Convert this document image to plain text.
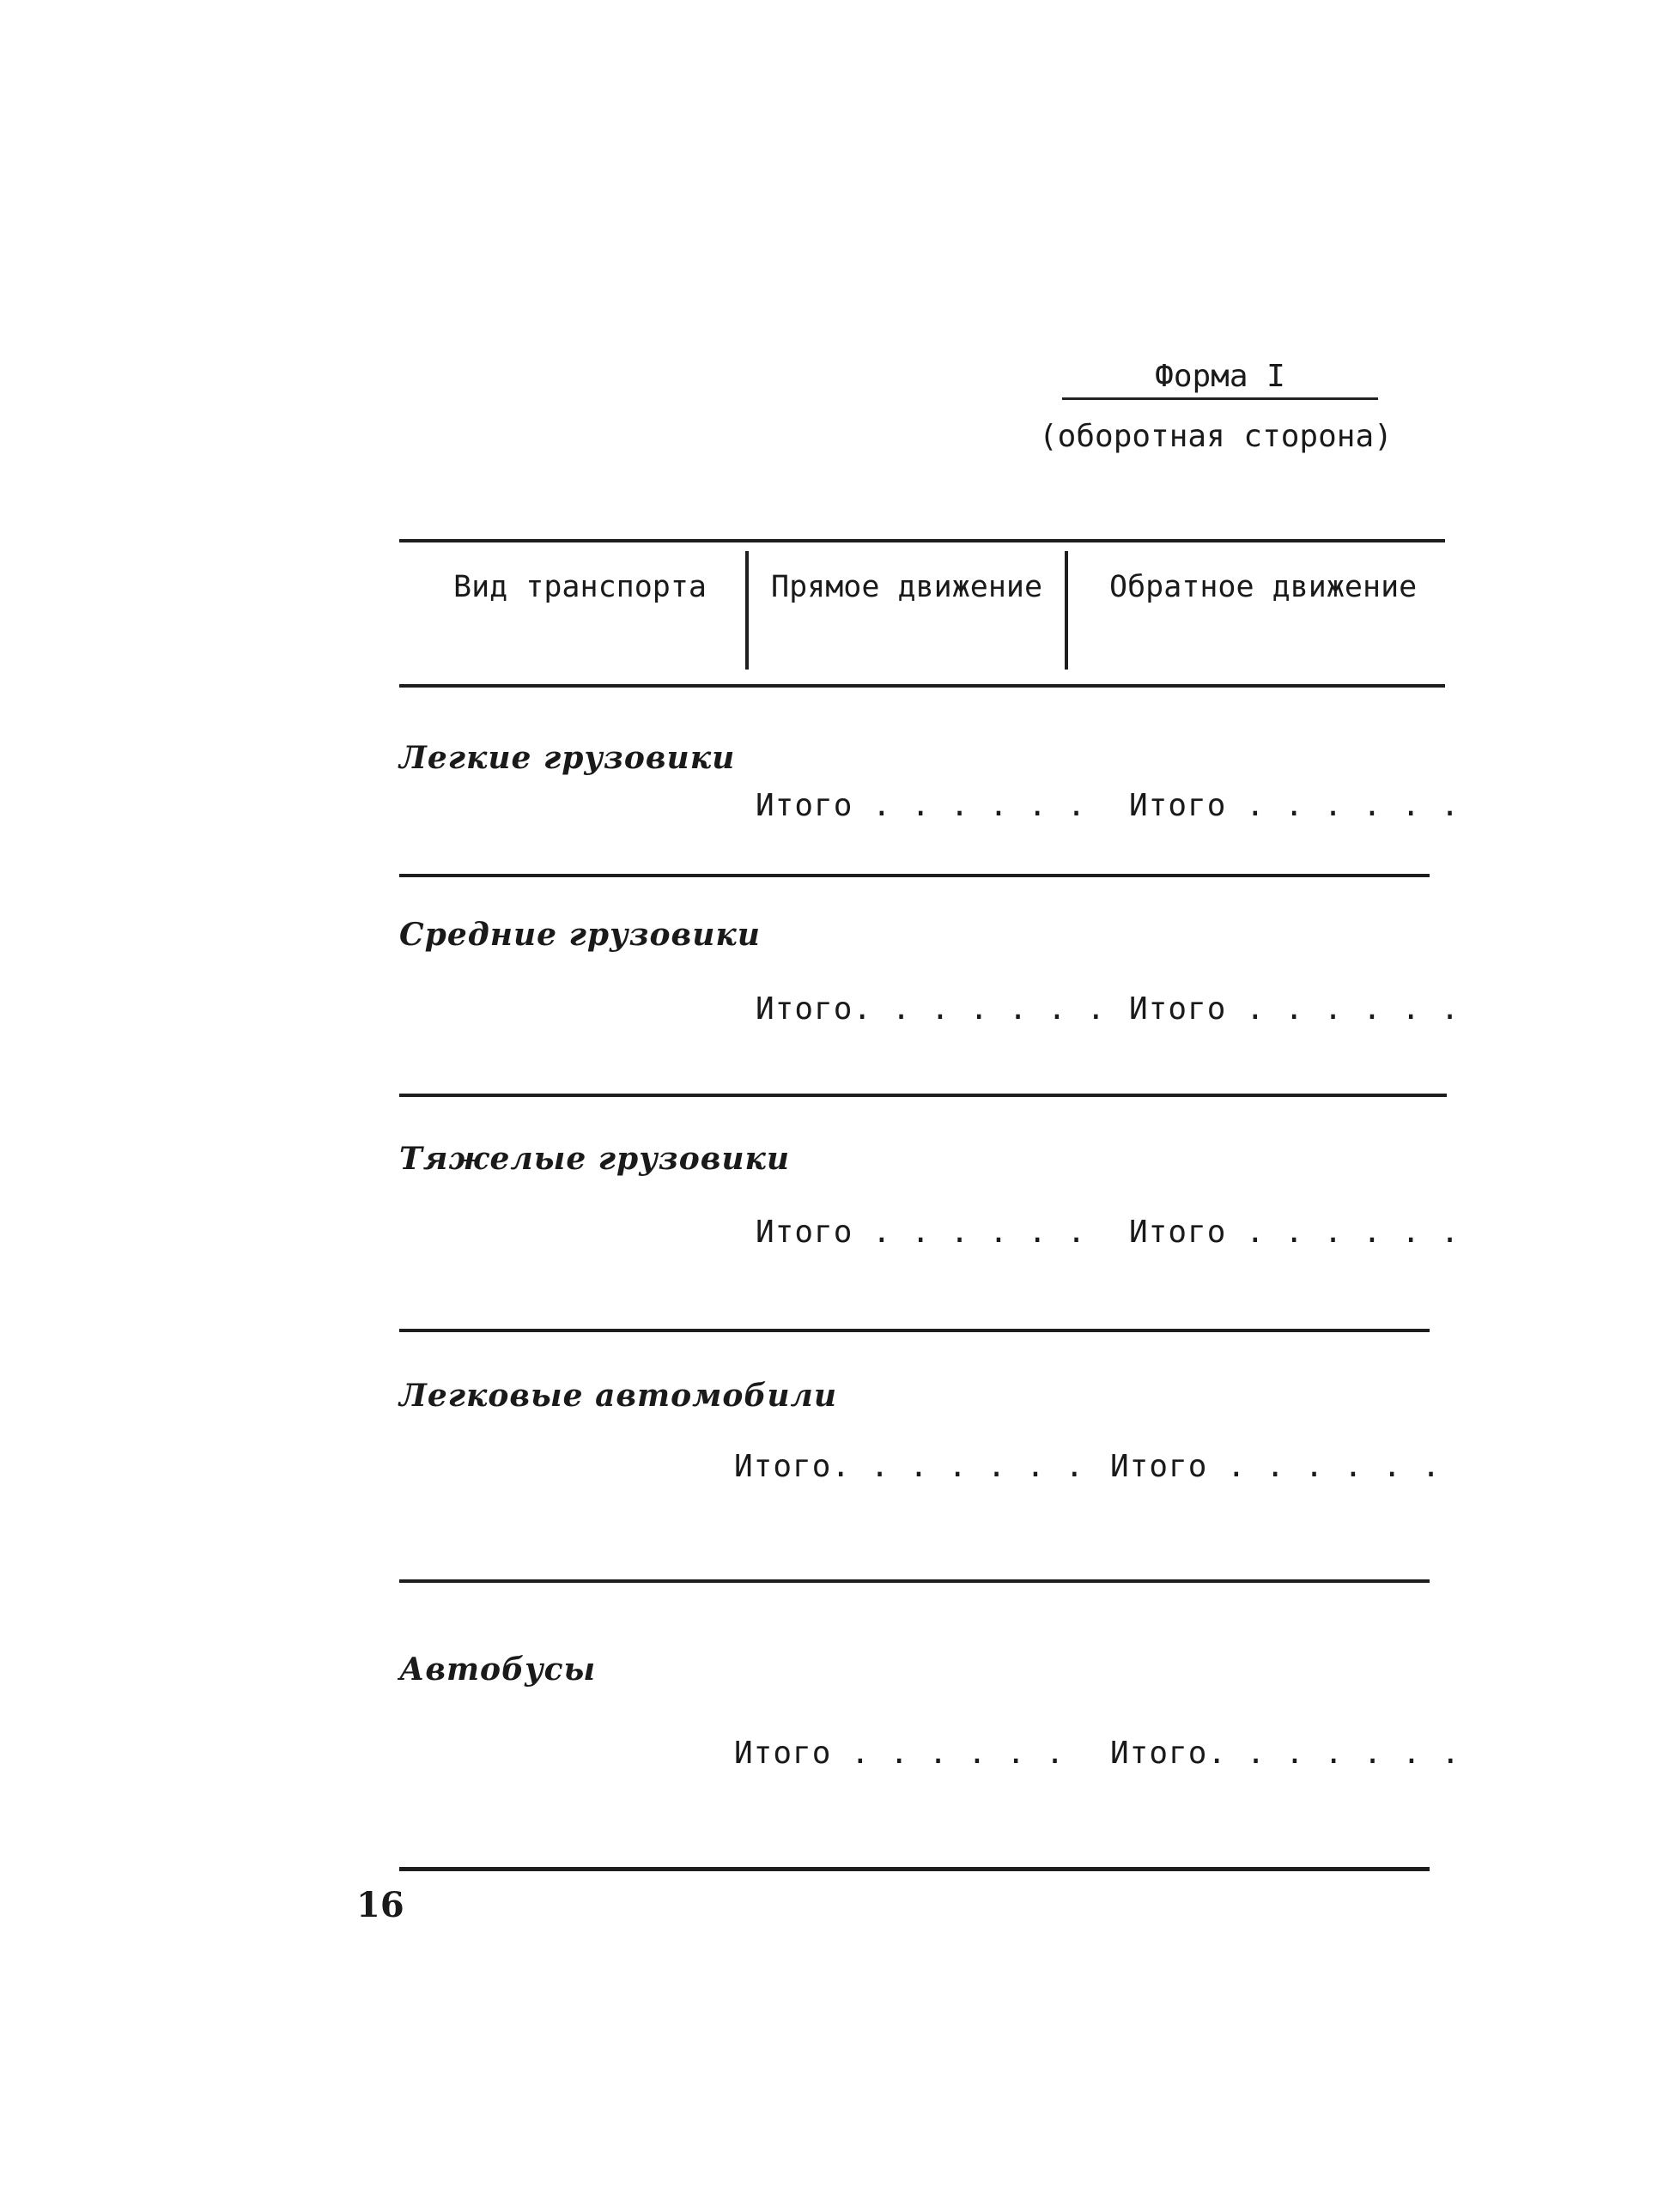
Форма I
(оборотная сторона)
Вид транспорта Прямое движение Обратное движение
Легкие грузовики
Итого . . . . . . Итого . . . . . .
Средние грузовики
Итого. . . . . . . Итого . . . . . .
Тяжелые грузовики
Итого . . . . . . Итого . . . . . .
Легковые автомобили
Итого. . . . . . . Итого . . . . . .
Автобусы
Итого . . . . . . Итого. . . . . . .
16
